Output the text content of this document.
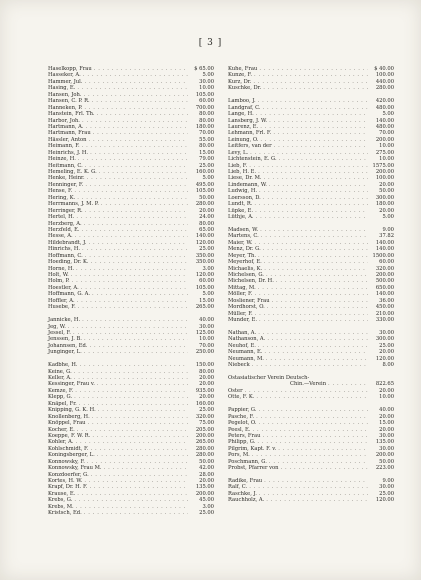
[ 3 ]
Haselkopp, Frau . . .	$ 65.00
Hasseker, A. . . .	5.00
Hammer, Jul. . . .	30.00
Hasing, E. . . .	10.00
Hansen, Joh. . . .	105.00
Hansen, C. P. R. . . .	60.00
Hanneken, P. . . .	700.00
Hanstein, Frl. Th. . . .	80.00
Harbor, Joh. . . .	80.00
Hartmann, A. . . .	180.00
Hartmann, Frau . . .	70.00
Hässler, Anton . . .	55.00
Heimann, F. . . .	80.00
Heinrichs, J. H. . . .	15.00
Heinze, H. . . .	79.00
Heitmann, C. . . .	25.00
Hemeling, E. K. G. . . .	160.00
Henke, Heinr. . . .	5.00
Henninger, F. . . .	495.00
Hense, F. . . .	105.00
Hering, K. . . .	50.00
Herrmanns, J. M. P. . . .	280.00
Herringer, R. . . .	20.00
Hertel, H. . . .	24.00
Herzberg, A. . . .	80.00
Herzfeld, E. . . .	65.00
Hesse, A. . . .	140.00
Hildebrandt, J. . . .	120.00
Hinrichs, H. . . .	25.00
Hoffmann, C. . . .	350.00
Hoeding, Dr. K. . . .	350.00
Horne, H. . . .	3.00
Holt, W. . . .	120.00
Holm, P. . . .	60.00
Hoestler, A. . . .	105.00
Hoffmann, G. A. . . .	5.00
Hoffler, A. . . .	15.00
Husebe, F. . . .	265.00
Jannicke, H. . . .	40.00
Jeg, W. . . .	30.00
Jessel, F. . . .	125.00
Jenssen, J. B. . . .	10.00
Johannsen, Ed. . . .	70.00
Junginger, L. . . .	250.00
Kadbhe, H. . . .	150.00
Keine, G. . . .	80.00
Keller, A. . . .	20.00
Kessinger, Frau v. . . .	20.00
Kemze, F. . . .	935.00
Klepp, G. . . .	20.00
Knäpel, Fr. . . .	160.00
Knipping, G. K. H. . . .	25.00
Knollenberg, H. . . .	320.00
Knöppel, Frau . . .	75.00
Kocher, E. . . .	205.00
Koeppe, F. W. R. . . .	200.00
Kohler, A. . . .	265.00
Kohlschmidt, F. . . .	280.00
Koningsberger, L. . . .	280.00
Konnowsky, F. . . .	50.00
Konnowsky, Frau M. . . .	42.00
Konzdoerfer, G. . . .	28.00
Kortes, H. W. . . .	20.00
Krapf, Dr. H. F. . . .	135.00
Krause, E. . . .	200.00
Krebs, G. . . .	45.00
Krebs, M. . . .	3.00
Kristsch, Ed. . . .	25.00
Kuhe, Frau . . .	$ 40.00
Kunze, F. . . .	100.00
Kurz, Dr. . . .	440.00
Kuschke, Dr. . . .	280.00
Lamboo, J. . . .	420.00
Landgraf, C. . . .	480.00
Lange, H. . . .	5.00
Lansberg, J. W. . . .	140.00
Laurenz, E. . . .	480.00
Lehmann, Frl. F. . . .	70.00
Leinung, O. . . .	200.00
Leitfers, van der . . .	10.00
Levy, L. . . .	275.00
Lichtenstein, E. G. . . .	10.00
Lieb, F. . . .	1575.00
Lieb, H. E. . . .	200.00
Liese, Dr. M. . . .	100.00
Lindemann, W. . . .	20.00
Ludwig, H. . . .	50.00
Loersson, D. . . .	300.00
Lundt, R. . . .	180.00
Lüpke, E. . . .	20.00
Lüthje, A. . . .	5.00
Madsen, W. . . .	9.00
Martens, C. . . .	37.82
Maier, W. . . .	140.00
Menz, Dr. G. . . .	140.00
Meyer, Th. . . .	1500.00
Meyerhof, E. . . .	60.00
Michaelis, K. . . .	320.00
Michelsen, G. . . .	200.00
Michelsen, Dr. H. . . .	500.00
Mittag, M. . . .	650.00
Möller, F. . . .	140.00
Mosliener, Frau . . .	36.00
Mordhorst, O. . . .	450.00
Müller, F. . . .	210.00
Munder, E. . . .	330.00
Nathan, A. . . .	30.00
Nathanson, A. . . .	300.00
Neuhof, E. . . .	25.00
Neumann, E. . . .	20.00
Neumann, M. . . .	120.00
Niebeck . . .	8.00
Ostasiatischer Verein Deutsch-
Chin.—Verein . . .	822.65
Oster . . .	20.00
Otte, F. K. . . .	10.00
Pappier, G. . . .	40.00
Pasche, F. . . .	20.00
Pegelot, O. . . .	15.00
Peesl, E. . . .	20.00
Peters, Frau . . .	30.00
Philipp, G. . . .	135.00
Pilgrim, Kapt. F. v. . . .	30.00
Pors, M. . . .	200.00
Poschmann, G. . . .	50.00
Probst, Pfarrer von . . .	223.00
Radike, Frau . . .	9.00
Ralf, C. . . .	30.00
Raschke, J. . . .	25.00
Rauchholz, A. . . .	120.00
